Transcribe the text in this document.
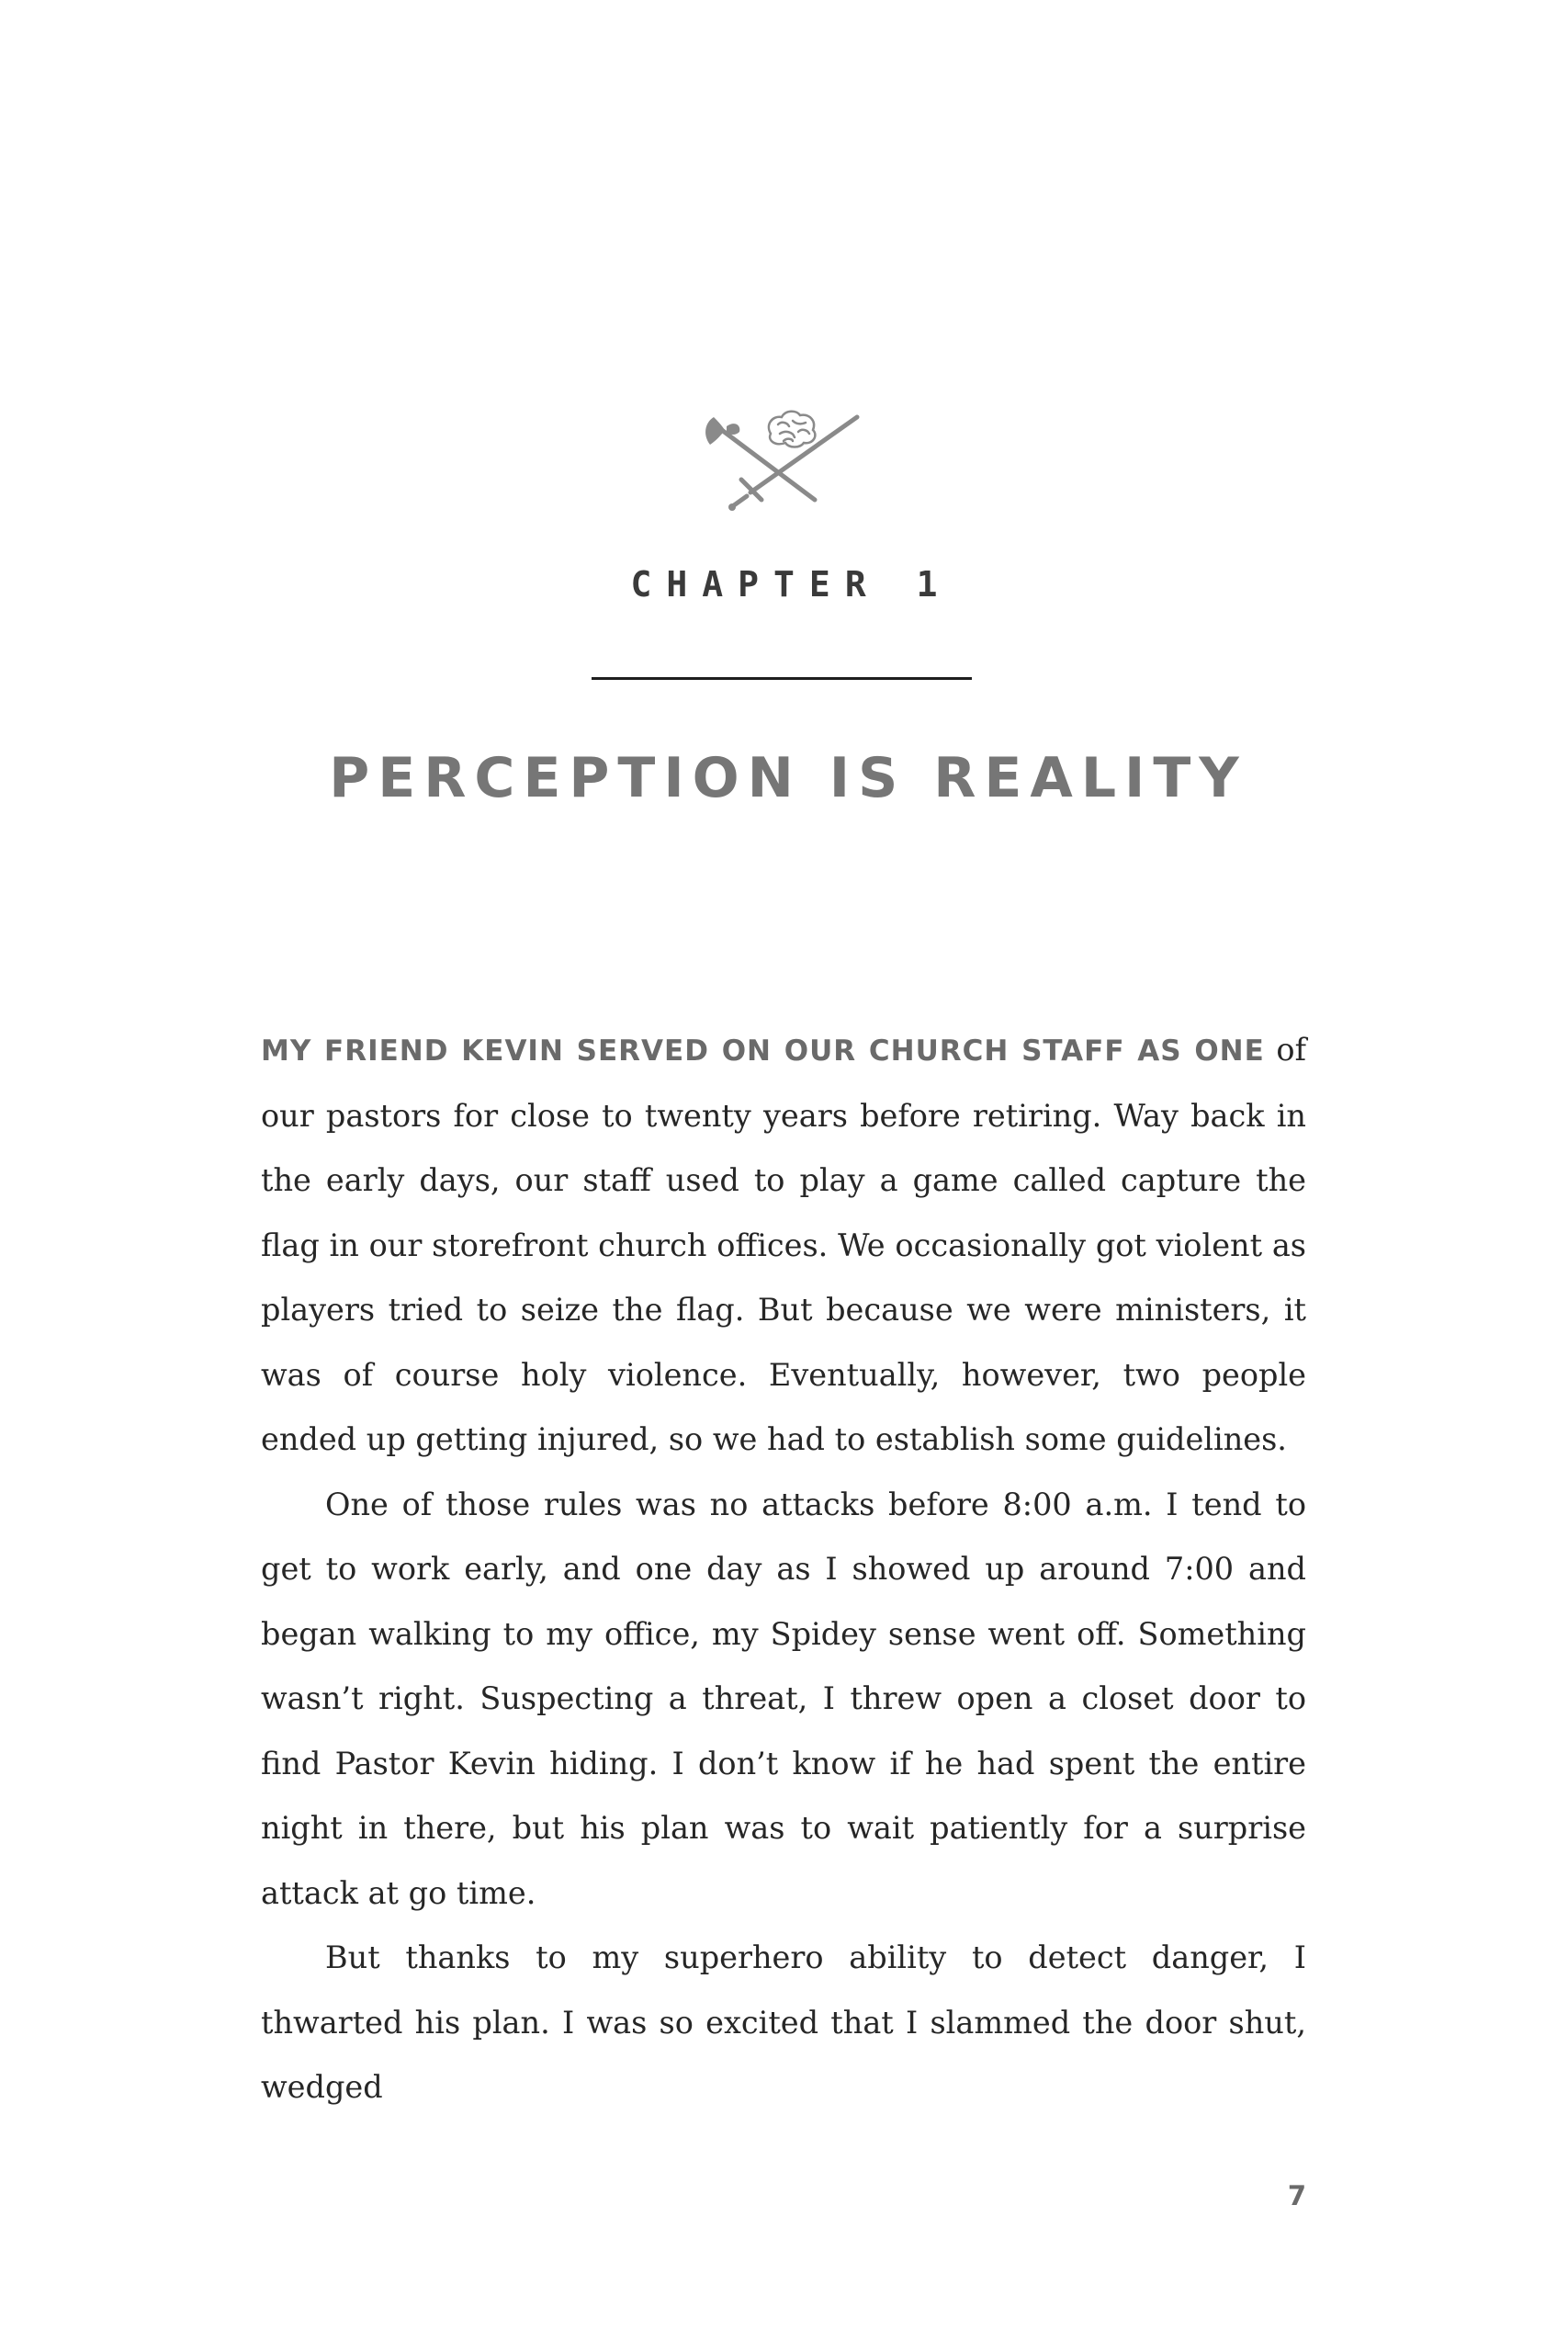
CHAPTER 1
PERCEPTION IS REALITY

MY FRIEND KEVIN SERVED ON OUR CHURCH STAFF AS ONE of our pastors for close to twenty years before retiring. Way back in the early days, our staff used to play a game called capture the flag in our storefront church offices. We occasionally got violent as players tried to seize the flag. But because we were ministers, it was of course holy violence. Eventually, however, two people ended up getting injured, so we had to establish some guidelines.

One of those rules was no attacks before 8:00 a.m. I tend to get to work early, and one day as I showed up around 7:00 and began walking to my office, my Spidey sense went off. Something wasn’t right. Suspecting a threat, I threw open a closet door to find Pastor Kevin hiding. I don’t know if he had spent the entire night in there, but his plan was to wait patiently for a surprise attack at go time.

But thanks to my superhero ability to detect danger, I thwarted his plan. I was so excited that I slammed the door shut, wedged

7
